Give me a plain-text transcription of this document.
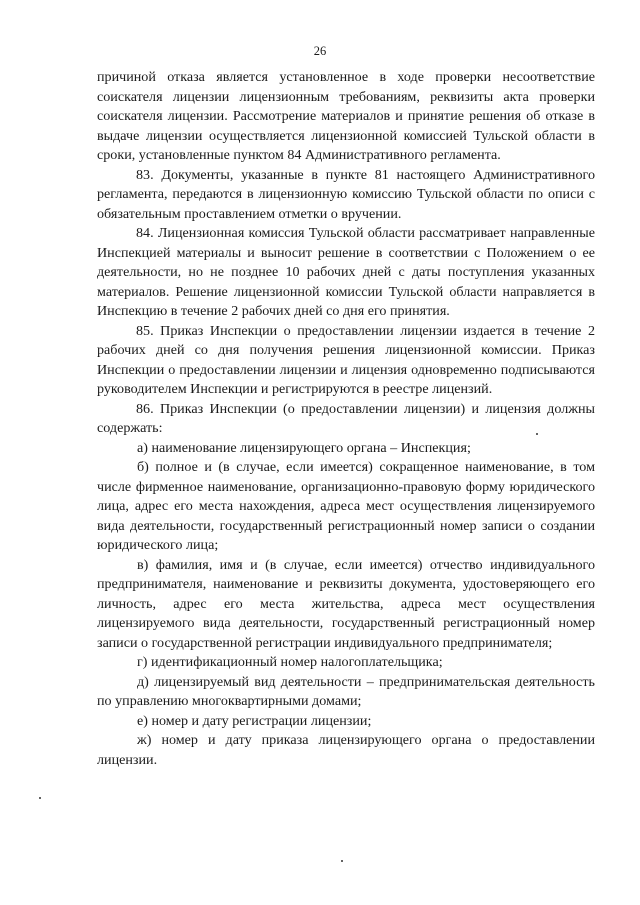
26

причиной отказа является установленное в ходе проверки несоответствие соискателя лицензии лицензионным требованиям, реквизиты акта проверки соискателя лицензии. Рассмотрение материалов и принятие решения об отказе в выдаче лицензии осуществляется лицензионной комиссией Тульской области в сроки, установленные пунктом 84 Административного регламента.

83. Документы, указанные в пункте 81 настоящего Административного регламента, передаются в лицензионную комиссию Тульской области по описи с обязательным проставлением отметки о вручении.

84. Лицензионная комиссия Тульской области рассматривает направленные Инспекцией материалы и выносит решение в соответствии с Положением о ее деятельности, но не позднее 10 рабочих дней с даты поступления указанных материалов. Решение лицензионной комиссии Тульской области направляется в Инспекцию в течение 2 рабочих дней со дня его принятия.

85. Приказ Инспекции о предоставлении лицензии издается в течение 2 рабочих дней со дня получения решения лицензионной комиссии. Приказ Инспекции о предоставлении лицензии и лицензия одновременно подписываются руководителем Инспекции и регистрируются в реестре лицензий.

86. Приказ Инспекции (о предоставлении лицензии) и лицензия должны содержать:

а) наименование лицензирующего органа – Инспекция;

б) полное и (в случае, если имеется) сокращенное наименование, в том числе фирменное наименование, организационно-правовую форму юридического лица, адрес его места нахождения, адреса мест осуществления лицензируемого вида деятельности, государственный регистрационный номер записи о создании юридического лица;

в) фамилия, имя и (в случае, если имеется) отчество индивидуального предпринимателя, наименование и реквизиты документа, удостоверяющего его личность, адрес его места жительства, адреса мест осуществления лицензируемого вида деятельности, государственный регистрационный номер записи о государственной регистрации индивидуального предпринимателя;

г) идентификационный номер налогоплательщика;

д) лицензируемый вид деятельности – предпринимательская деятельность по управлению многоквартирными домами;

е) номер и дату регистрации лицензии;

ж) номер и дату приказа лицензирующего органа о предоставлении лицензии.
